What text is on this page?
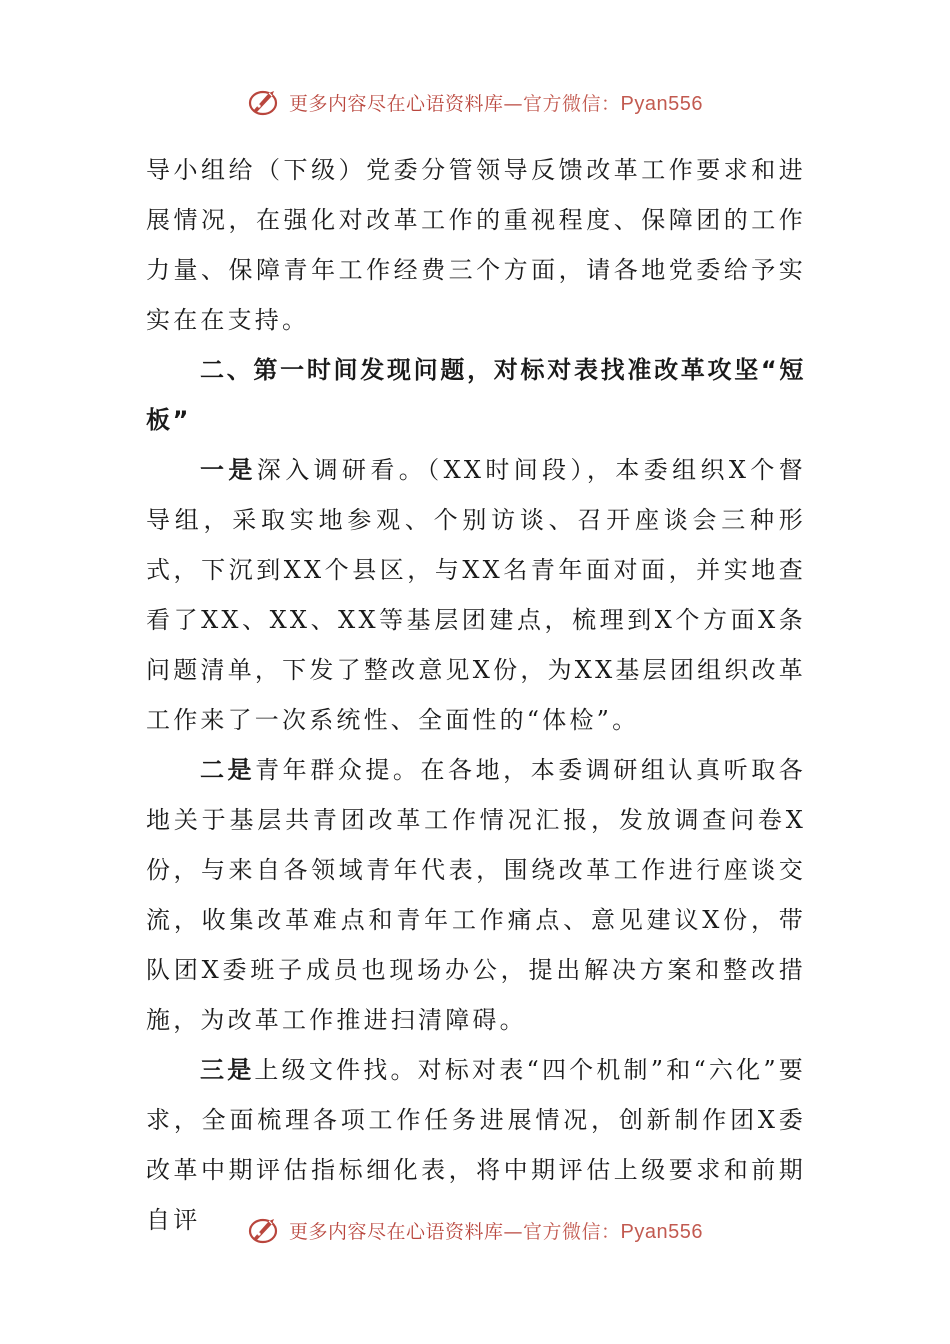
更多内容尽在心语资料库—官方微信：Pyan556

导小组给（下级）党委分管领导反馈改革工作要求和进展情况，在强化对改革工作的重视程度、保障团的工作力量、保障青年工作经费三个方面，请各地党委给予实实在在支持。

二、第一时间发现问题，对标对表找准改革攻坚“短板”

一是深入调研看。（XX时间段），本委组织X个督导组，采取实地参观、个别访谈、召开座谈会三种形式，下沉到XX个县区，与XX名青年面对面，并实地查看了XX、XX、XX等基层团建点，梳理到X个方面X条问题清单，下发了整改意见X份，为XX基层团组织改革工作来了一次系统性、全面性的“体检”。

二是青年群众提。在各地，本委调研组认真听取各地关于基层共青团改革工作情况汇报，发放调查问卷X份，与来自各领域青年代表，围绕改革工作进行座谈交流，收集改革难点和青年工作痛点、意见建议X份，带队团X委班子成员也现场办公，提出解决方案和整改措施，为改革工作推进扫清障碍。

三是上级文件找。对标对表“四个机制”和“六化”要求，全面梳理各项工作任务进展情况，创新制作团X委改革中期评估指标细化表，将中期评估上级要求和前期自评	更多内容尽在心语资料库—官方微信：Pyan556
